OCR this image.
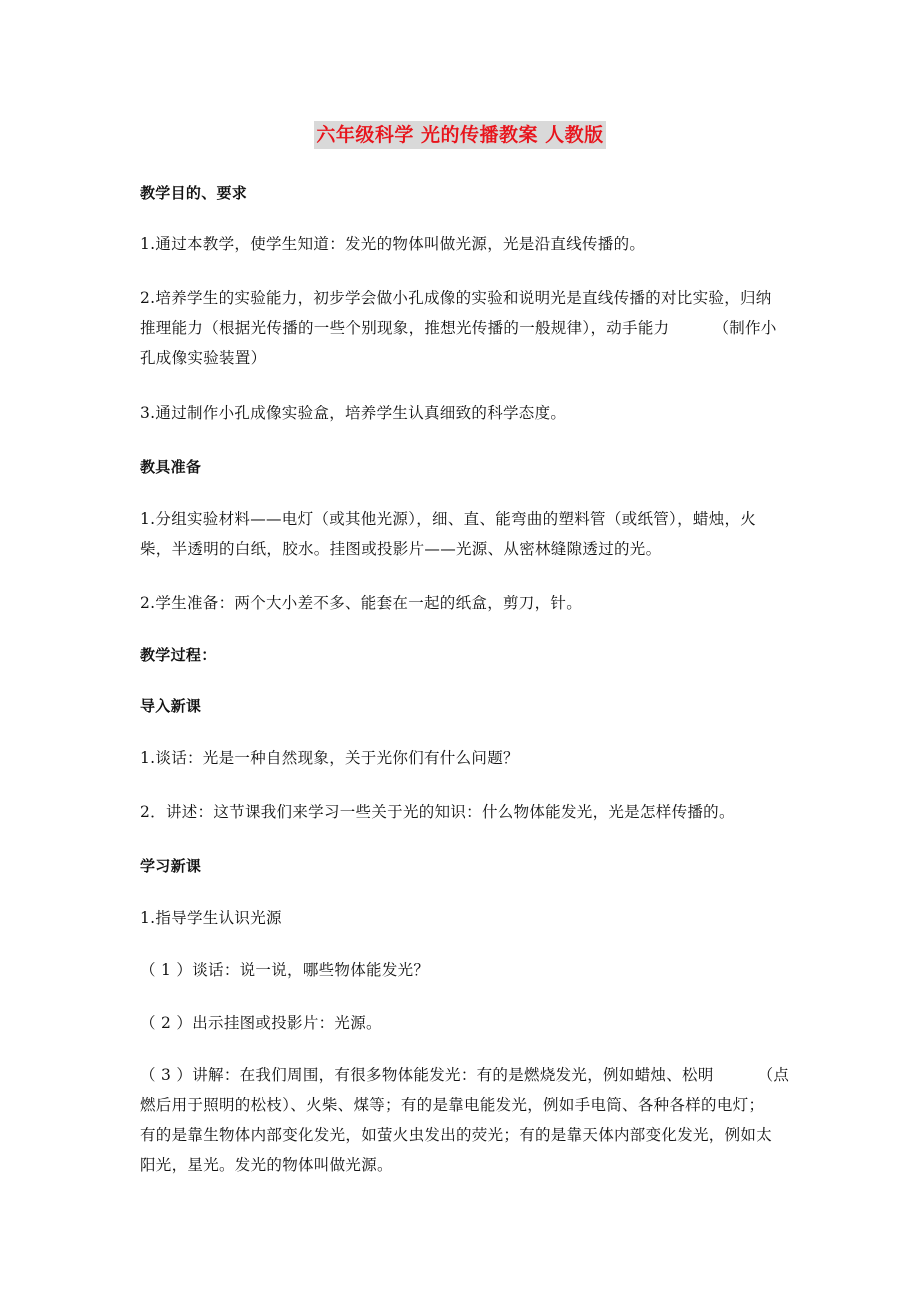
六年级科学 光的传播教案 人教版
教学目的、要求
1.通过本教学，使学生知道：发光的物体叫做光源，光是沿直线传播的。
2.培养学生的实验能力，初步学会做小孔成像的实验和说明光是直线传播的对比实验，归纳
推理能力（根据光传播的一些个别现象，推想光传播的一般规律），动手能力	（制作小
孔成像实验装置）
3.通过制作小孔成像实验盒，培养学生认真细致的科学态度。
教具准备
1.分组实验材料——电灯（或其他光源），细、直、能弯曲的塑料管（或纸管），蜡烛，火
柴，半透明的白纸，胶水。挂图或投影片——光源、从密林缝隙透过的光。
2.学生准备：两个大小差不多、能套在一起的纸盒，剪刀，针。
教学过程：
导入新课
1.谈话：光是一种自然现象，关于光你们有什么问题？
2．讲述：这节课我们来学习一些关于光的知识：什么物体能发光，光是怎样传播的。
学习新课
1.指导学生认识光源
（ 1 ）谈话：说一说，哪些物体能发光？
（ 2 ）出示挂图或投影片：光源。
（ 3 ）讲解：在我们周围，有很多物体能发光：有的是燃烧发光，例如蜡烛、松明	（点
燃后用于照明的松枝）、火柴、煤等；有的是靠电能发光，例如手电筒、各种各样的电灯；
有的是靠生物体内部变化发光，如萤火虫发出的荧光；有的是靠天体内部变化发光，例如太
阳光，星光。发光的物体叫做光源。
